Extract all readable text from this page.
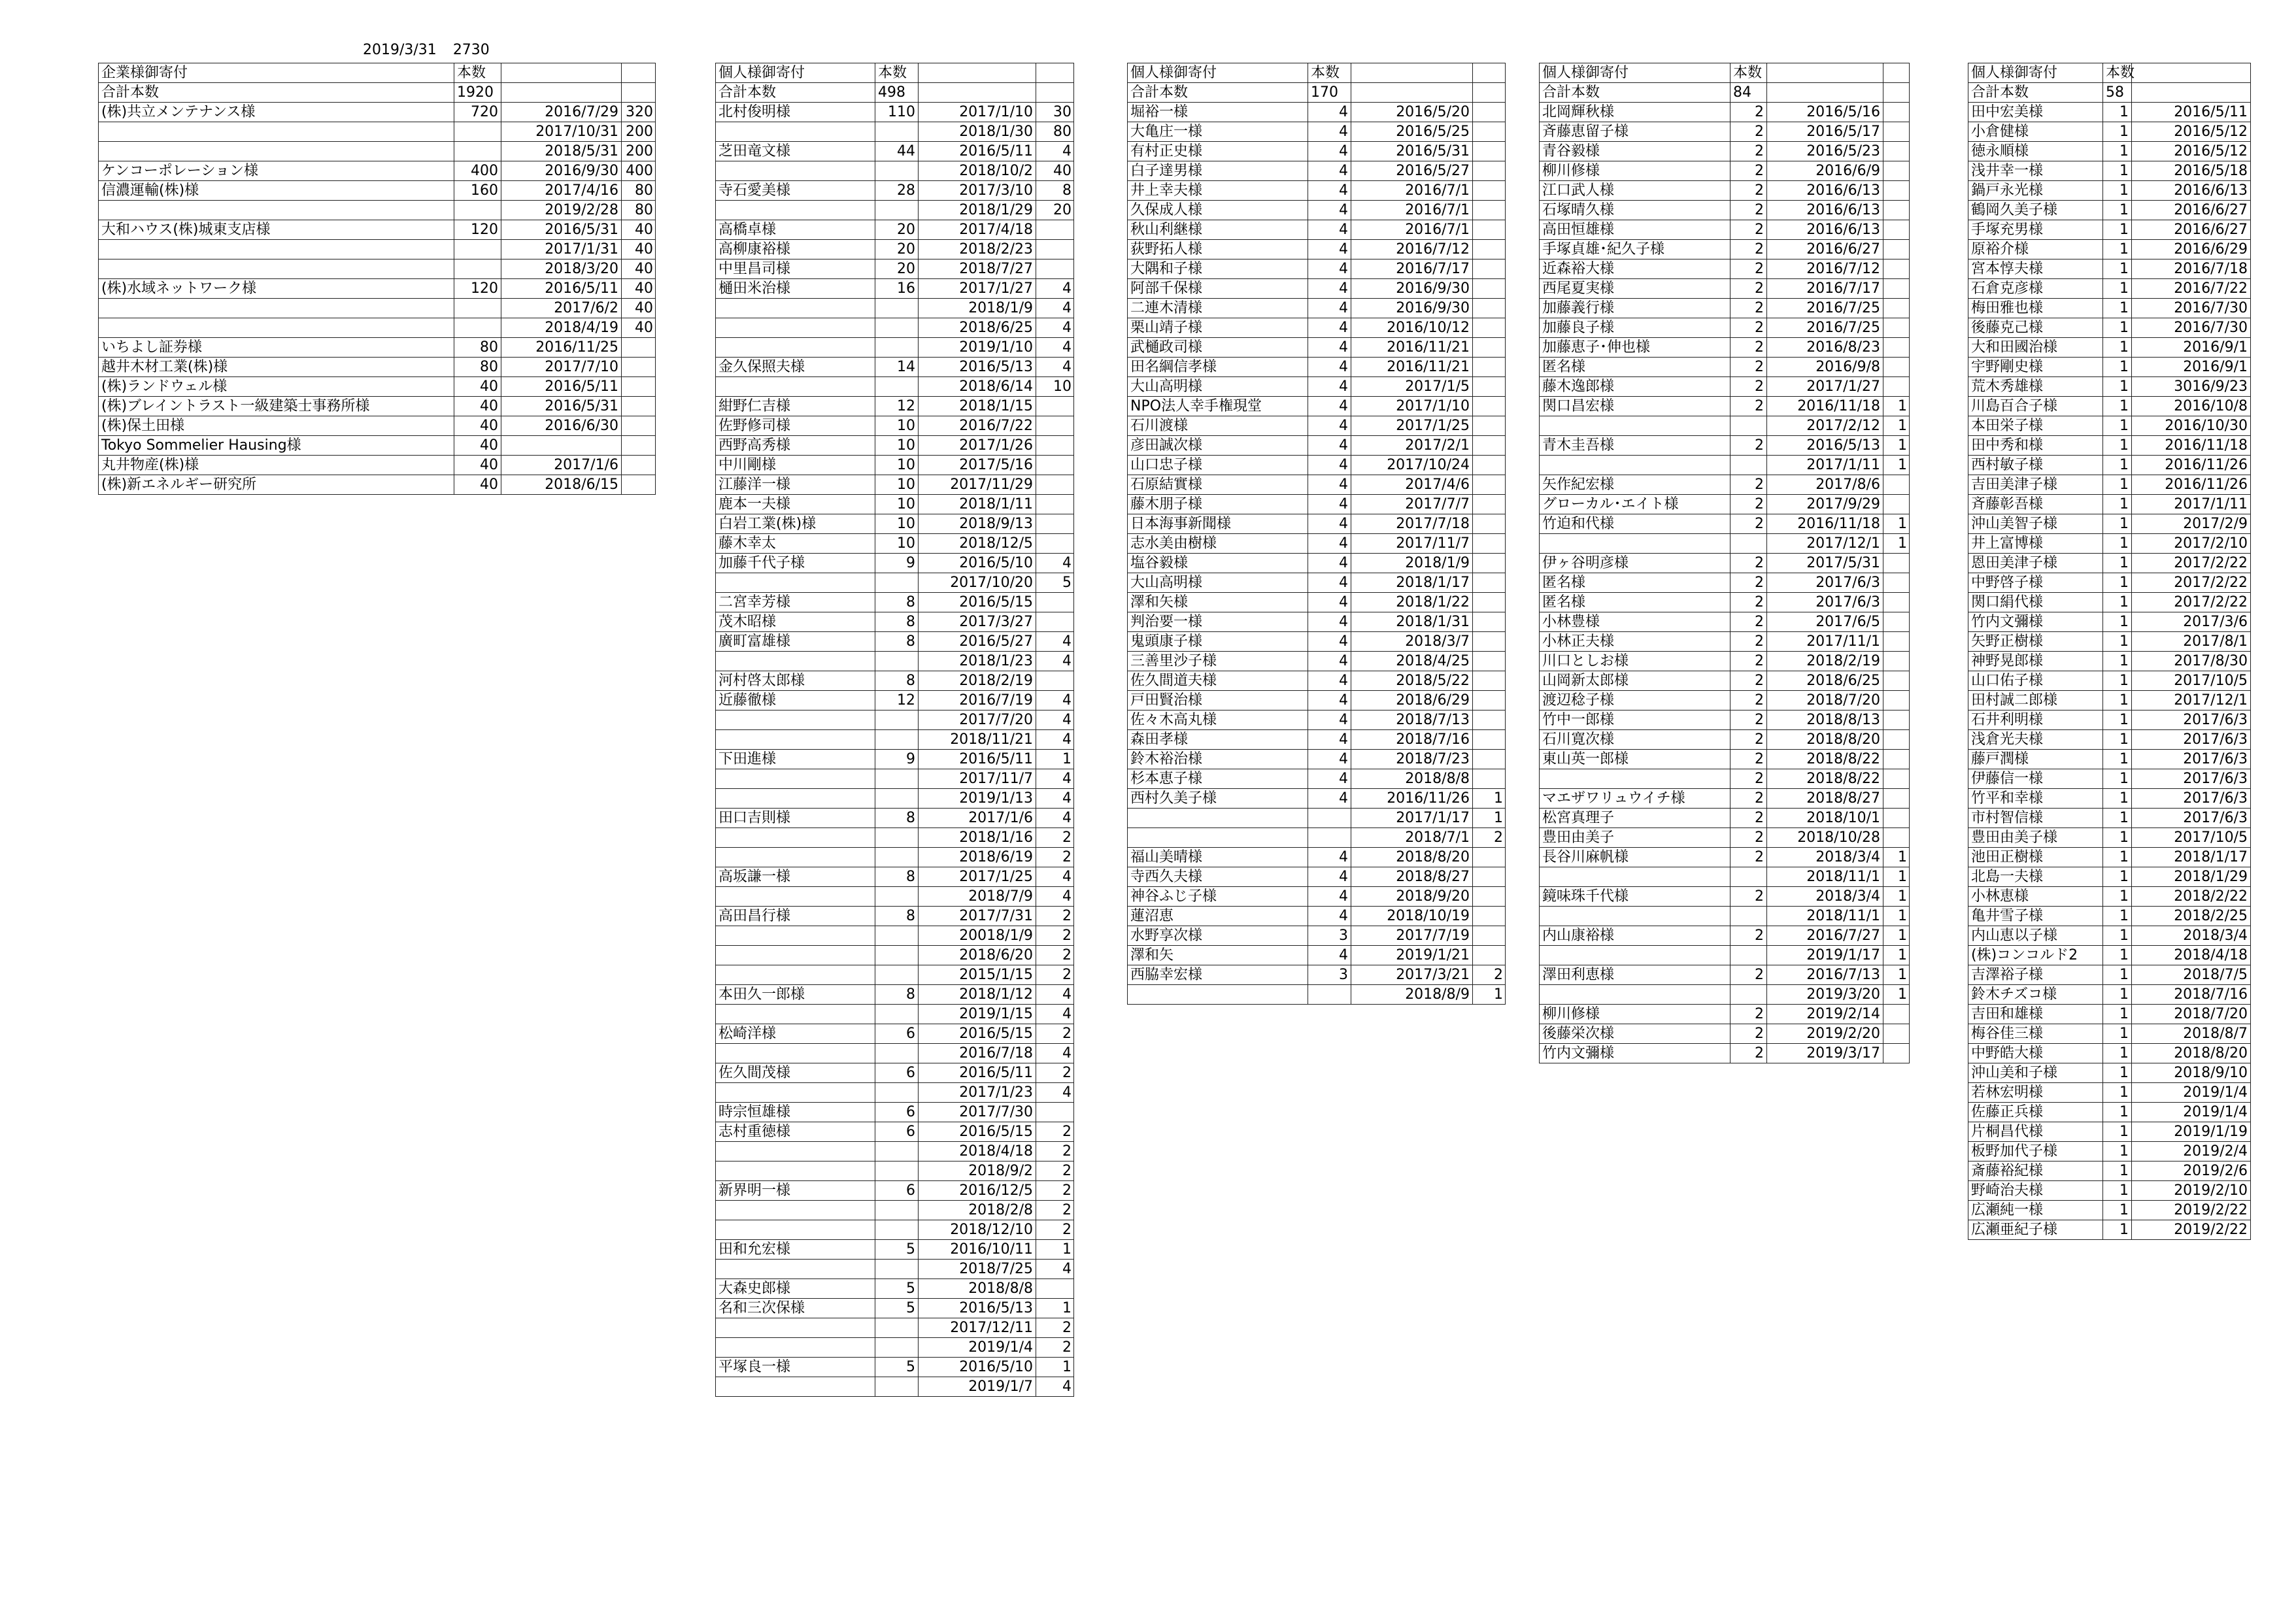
2019/3/31 2730
企業様御寄付	本数		
合計本数	1920		
(株)共立メンテナンス様	720	2016/7/29	320
		2017/10/31	200
		2018/5/31	200
ケンコーポレーション様	400	2016/9/30	400
信濃運輸(株)様	160	2017/4/16	80
		2019/2/28	80
大和ハウス(株)城東支店様	120	2016/5/31	40
		2017/1/31	40
		2018/3/20	40
(株)水域ネットワーク様	120	2016/5/11	40
		2017/6/2	40
		2018/4/19	40
いちよし証券様	80	2016/11/25	
越井木材工業(株)様	80	2017/7/10	
(株)ランドウェル様	40	2016/5/11	
(株)ブレイントラスト一級建築士事務所様	40	2016/5/31	
(株)保土田様	40	2016/6/30	
Tokyo Sommelier Hausing様	40		
丸井物産(株)様	40	2017/1/6	
(株)新エネルギー研究所	40	2018/6/15	
個人様御寄付	本数		
合計本数	498		
北村俊明様	110	2017/1/10	30
		2018/1/30	80
芝田竜文様	44	2016/5/11	4
		2018/10/2	40
寺石愛美様	28	2017/3/10	8
		2018/1/29	20
高橋卓様	20	2017/4/18	
高柳康裕様	20	2018/2/23	
中里昌司様	20	2018/7/27	
樋田米治様	16	2017/1/27	4
		2018/1/9	4
		2018/6/25	4
		2019/1/10	4
金久保照夫様	14	2016/5/13	4
		2018/6/14	10
紺野仁吉様	12	2018/1/15	
佐野修司様	10	2016/7/22	
西野高秀様	10	2017/1/26	
中川剛様	10	2017/5/16	
江藤洋一様	10	2017/11/29	
鹿本一夫様	10	2018/1/11	
白岩工業(株)様	10	2018/9/13	
藤木幸太	10	2018/12/5	
加藤千代子様	9	2016/5/10	4
		2017/10/20	5
二宮幸芳様	8	2016/5/15	
茂木昭様	8	2017/3/27	
廣町富雄様	8	2016/5/27	4
		2018/1/23	4
河村啓太郎様	8	2018/2/19	
近藤徹様	12	2016/7/19	4
		2017/7/20	4
		2018/11/21	4
下田進様	9	2016/5/11	1
		2017/11/7	4
		2019/1/13	4
田口吉則様	8	2017/1/6	4
		2018/1/16	2
		2018/6/19	2
高坂謙一様	8	2017/1/25	4
		2018/7/9	4
高田昌行様	8	2017/7/31	2
		20018/1/9	2
		2018/6/20	2
		2015/1/15	2
本田久一郎様	8	2018/1/12	4
		2019/1/15	4
松崎洋様	6	2016/5/15	2
		2016/7/18	4
佐久間茂様	6	2016/5/11	2
		2017/1/23	4
時宗恒雄様	6	2017/7/30	
志村重徳様	6	2016/5/15	2
		2018/4/18	2
		2018/9/2	2
新界明一様	6	2016/12/5	2
		2018/2/8	2
		2018/12/10	2
田和允宏様	5	2016/10/11	1
		2018/7/25	4
大森史郎様	5	2018/8/8	
名和三次保様	5	2016/5/13	1
		2017/12/11	2
		2019/1/4	2
平塚良一様	5	2016/5/10	1
		2019/1/7	4
個人様御寄付	本数		
合計本数	170		
堀裕一様	4	2016/5/20	
大亀庄一様	4	2016/5/25	
有村正史様	4	2016/5/31	
白子達男様	4	2016/5/27	
井上幸夫様	4	2016/7/1	
久保成人様	4	2016/7/1	
秋山利継様	4	2016/7/1	
荻野拓人様	4	2016/7/12	
大隅和子様	4	2016/7/17	
阿部千保様	4	2016/9/30	
二連木清様	4	2016/9/30	
栗山靖子様	4	2016/10/12	
武樋政司様	4	2016/11/21	
田名綱信孝様	4	2016/11/21	
大山高明様	4	2017/1/5	
NPO法人幸手権現堂	4	2017/1/10	
石川渡様	4	2017/1/25	
彦田誠次様	4	2017/2/1	
山口忠子様	4	2017/10/24	
石原結實様	4	2017/4/6	
藤木朋子様	4	2017/7/7	
日本海事新聞様	4	2017/7/18	
志水美由樹様	4	2017/11/7	
塩谷毅様	4	2018/1/9	
大山高明様	4	2018/1/17	
澤和矢様	4	2018/1/22	
判治要一様	4	2018/1/31	
鬼頭康子様	4	2018/3/7	
三善里沙子様	4	2018/4/25	
佐久間道夫様	4	2018/5/22	
戸田賢治様	4	2018/6/29	
佐々木高丸様	4	2018/7/13	
森田孝様	4	2018/7/16	
鈴木裕治様	4	2018/7/23	
杉本恵子様	4	2018/8/8	
西村久美子様	4	2016/11/26	1
		2017/1/17	1
		2018/7/1	2
福山美晴様	4	2018/8/20	
寺西久夫様	4	2018/8/27	
神谷ふじ子様	4	2018/9/20	
蓮沼恵	4	2018/10/19	
水野享次様	3	2017/7/19	
澤和矢	4	2019/1/21	
西脇幸宏様	3	2017/3/21	2
		2018/8/9	1
個人様御寄付	本数		
合計本数	84		
北岡輝秋様	2	2016/5/16	
斉藤恵留子様	2	2016/5/17	
青谷毅様	2	2016/5/23	
柳川修様	2	2016/6/9	
江口武人様	2	2016/6/13	
石塚晴久様	2	2016/6/13	
高田恒雄様	2	2016/6/13	
手塚貞雄･紀久子様	2	2016/6/27	
近森裕大様	2	2016/7/12	
西尾夏実様	2	2016/7/17	
加藤義行様	2	2016/7/25	
加藤良子様	2	2016/7/25	
加藤恵子･伸也様	2	2016/8/23	
匿名様	2	2016/9/8	
藤木逸郎様	2	2017/1/27	
関口昌宏様	2	2016/11/18	1
		2017/2/12	1
青木圭吾様	2	2016/5/13	1
		2017/1/11	1
矢作紀宏様	2	2017/8/6	
グローカル･エイト様	2	2017/9/29	
竹迫和代様	2	2016/11/18	1
		2017/12/1	1
伊ヶ谷明彦様	2	2017/5/31	
匿名様	2	2017/6/3	
匿名様	2	2017/6/3	
小林豊様	2	2017/6/5	
小林正夫様	2	2017/11/1	
川口としお様	2	2018/2/19	
山岡新太郎様	2	2018/6/25	
渡辺稔子様	2	2018/7/20	
竹中一郎様	2	2018/8/13	
石川寛次様	2	2018/8/20	
東山英一郎様	2	2018/8/22	
	2	2018/8/22	
マエザワリュウイチ様	2	2018/8/27	
松宮真理子	2	2018/10/1	
豊田由美子	2	2018/10/28	
長谷川麻帆様	2	2018/3/4	1
		2018/11/1	1
鏡味珠千代様	2	2018/3/4	1
		2018/11/1	1
内山康裕様	2	2016/7/27	1
		2019/1/17	1
澤田利恵様	2	2016/7/13	1
		2019/3/20	1
柳川修様	2	2019/2/14	
後藤栄次様	2	2019/2/20	
竹内文彌様	2	2019/3/17	
個人様御寄付	本数	
合計本数	58	
田中宏美様	1	2016/5/11
小倉健様	1	2016/5/12
徳永順様	1	2016/5/12
浅井幸一様	1	2016/5/18
鍋戸永光様	1	2016/6/13
鶴岡久美子様	1	2016/6/27
手塚充男様	1	2016/6/27
原裕介様	1	2016/6/29
宮本惇夫様	1	2016/7/18
石倉克彦様	1	2016/7/22
梅田雅也様	1	2016/7/30
後藤克己様	1	2016/7/30
大和田國治様	1	2016/9/1
宇野剛史様	1	2016/9/1
荒木秀雄様	1	3016/9/23
川島百合子様	1	2016/10/8
本田栄子様	1	2016/10/30
田中秀和様	1	2016/11/18
西村敏子様	1	2016/11/26
吉田美津子様	1	2016/11/26
斉藤彰吾様	1	2017/1/11
沖山美智子様	1	2017/2/9
井上富博様	1	2017/2/10
恩田美津子様	1	2017/2/22
中野啓子様	1	2017/2/22
関口絹代様	1	2017/2/22
竹内文彌様	1	2017/3/6
矢野正樹様	1	2017/8/1
神野晃郎様	1	2017/8/30
山口佑子様	1	2017/10/5
田村誠二郎様	1	2017/12/1
石井利明様	1	2017/6/3
浅倉光夫様	1	2017/6/3
藤戸潤様	1	2017/6/3
伊藤信一様	1	2017/6/3
竹平和幸様	1	2017/6/3
市村智信様	1	2017/6/3
豊田由美子様	1	2017/10/5
池田正樹様	1	2018/1/17
北島一夫様	1	2018/1/29
小林恵様	1	2018/2/22
亀井雪子様	1	2018/2/25
内山恵以子様	1	2018/3/4
(株)コンコルド2	1	2018/4/18
吉澤裕子様	1	2018/7/5
鈴木チズコ様	1	2018/7/16
吉田和雄様	1	2018/7/20
梅谷佳三様	1	2018/8/7
中野皓大様	1	2018/8/20
沖山美和子様	1	2018/9/10
若林宏明様	1	2019/1/4
佐藤正兵様	1	2019/1/4
片桐昌代様	1	2019/1/19
板野加代子様	1	2019/2/4
斎藤裕紀様	1	2019/2/6
野崎治夫様	1	2019/2/10
広瀬純一様	1	2019/2/22
広瀬亜紀子様	1	2019/2/22
